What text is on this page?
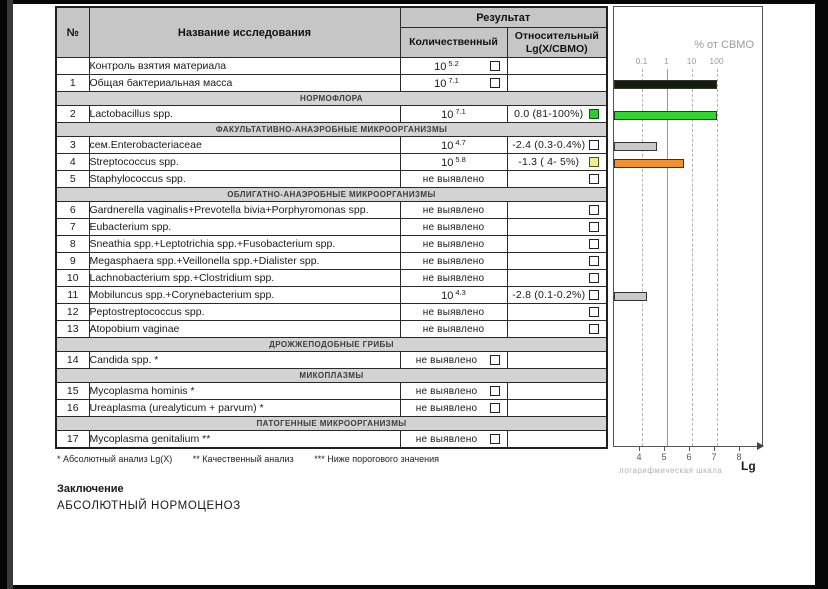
№	Название исследования	Результат	
		Количественный	Относительный Lg(X/СВМО)
	Контроль взятия материала	10 $^{5.2}$

1	Общая бактериальная масса	10 $^{7.1}$

НОРМОФЛОРА			
2	Lactobacillus spp.	10 $^{7.1}$	0.0 (81-100%)

ФАКУЛЬТАТИВНО-АНАЭРОБНЫЕ МИКРООРГАНИЗМЫ			
3	сем.Enterobacteriaceae	10 $^{4.7}$	-2.4 (0.3-0.4%)

4	Streptococcus spp.	10 $^{5.8}$	-1.3 ( 4- 5%)

5	Staphylococcus spp.	не выявлено	

ОБЛИГАТНО-АНАЭРОБНЫЕ МИКРООРГАНИЗМЫ			
6	Gardnerella vaginalis+Prevotella bivia+Porphyromonas spp.	не выявлено	

7	Eubacterium spp.	не выявлено	

8	Sneathia spp.+Leptotrichia spp.+Fusobacterium spp.	не выявлено	

9	Megasphaera spp.+Veillonella spp.+Dialister spp.	не выявлено	

10	Lachnobacterium spp.+Clostridium spp.	не выявлено	

11	Mobiluncus spp.+Corynebacterium spp.	10 $^{4.3}$	-2.8 (0.1-0.2%)

12	Peptostreptococcus spp.	не выявлено	

13	Atopobium vaginae	не выявлено	

ДРОЖЖЕПОДОБНЫЕ ГРИБЫ			
14	Candida spp. *	не выявлено

МИКОПЛАЗМЫ			
15	Mycoplasma hominis *	не выявлено

16	Ureaplasma (urealyticum + parvum) *	не выявлено

ПАТОГЕННЫЕ МИКРООРГАНИЗМЫ			
17	Mycoplasma genitalium **	не выявлено

* Абсолютный анализ Lg(X) ** Качественный анализ *** Ниже порогового значения
Заключение
АБСОЛЮТНЫЙ НОРМОЦЕНОЗ
% от СВМО
0.1 1 10 100
Lg
логарифмическая шкала
4 5 6 7 8
